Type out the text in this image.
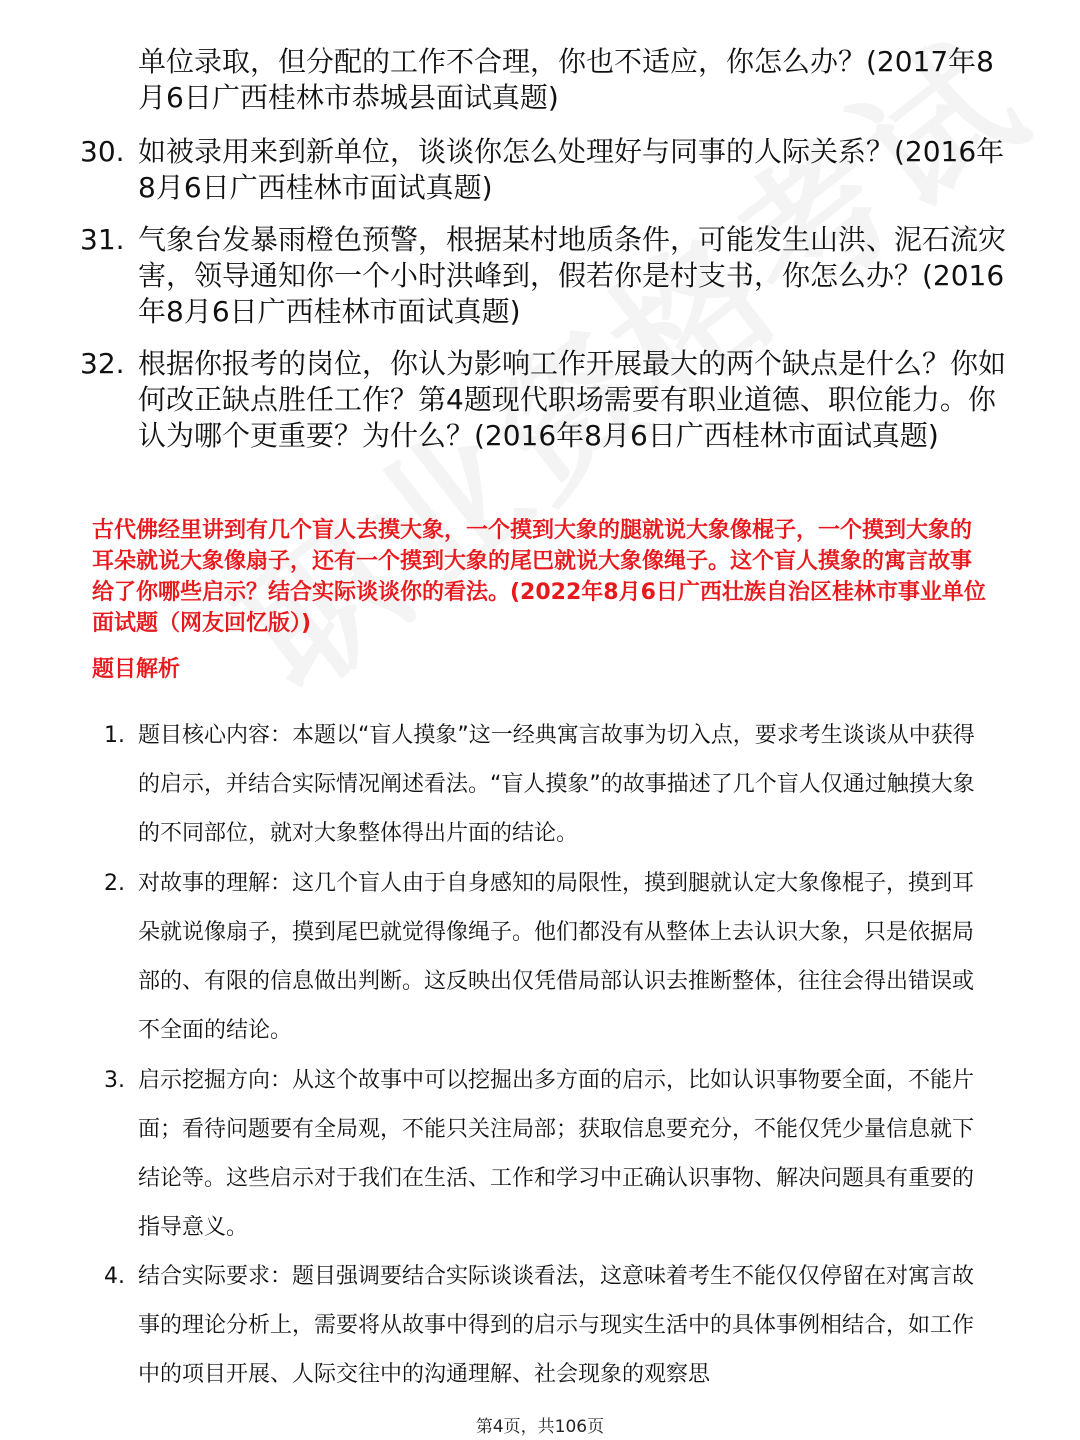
单位录取，但分配的工作不合理，你也不适应，你怎么办？(2017年8月6日广西桂林市恭城县面试真题)
30. 如被录用来到新单位，谈谈你怎么处理好与同事的人际关系？(2016年8月6日广西桂林市面试真题)
31. 气象台发暴雨橙色预警，根据某村地质条件，可能发生山洪、泥石流灾害，领导通知你一个小时洪峰到，假若你是村支书，你怎么办？(2016年8月6日广西桂林市面试真题)
32. 根据你报考的岗位，你认为影响工作开展最大的两个缺点是什么？你如何改正缺点胜任工作？第4题现代职场需要有职业道德、职位能力。你认为哪个更重要？为什么？(2016年8月6日广西桂林市面试真题)
古代佛经里讲到有几个盲人去摸大象，一个摸到大象的腿就说大象像棍子，一个摸到大象的耳朵就说大象像扇子，还有一个摸到大象的尾巴就说大象像绳子。这个盲人摸象的寓言故事给了你哪些启示？结合实际谈谈你的看法。(2022年8月6日广西壮族自治区桂林市事业单位面试题（网友回忆版）)
题目解析
1. 题目核心内容：本题以“盲人摸象”这一经典寓言故事为切入点，要求考生谈谈从中获得的启示，并结合实际情况阐述看法。“盲人摸象”的故事描述了几个盲人仅通过触摸大象的不同部位，就对大象整体得出片面的结论。
2. 对故事的理解：这几个盲人由于自身感知的局限性，摸到腿就认定大象像棍子，摸到耳朵就说像扇子，摸到尾巴就觉得像绳子。他们都没有从整体上去认识大象，只是依据局部的、有限的信息做出判断。这反映出仅凭借局部认识去推断整体，往往会得出错误或不全面的结论。
3. 启示挖掘方向：从这个故事中可以挖掘出多方面的启示，比如认识事物要全面，不能片面；看待问题要有全局观，不能只关注局部；获取信息要充分，不能仅凭少量信息就下结论等。这些启示对于我们在生活、工作和学习中正确认识事物、解决问题具有重要的指导意义。
4. 结合实际要求：题目强调要结合实际谈谈看法，这意味着考生不能仅仅停留在对寓言故事的理论分析上，需要将从故事中得到的启示与现实生活中的具体事例相结合，如工作中的项目开展、人际交往中的沟通理解、社会现象的观察思
第4页，共106页
